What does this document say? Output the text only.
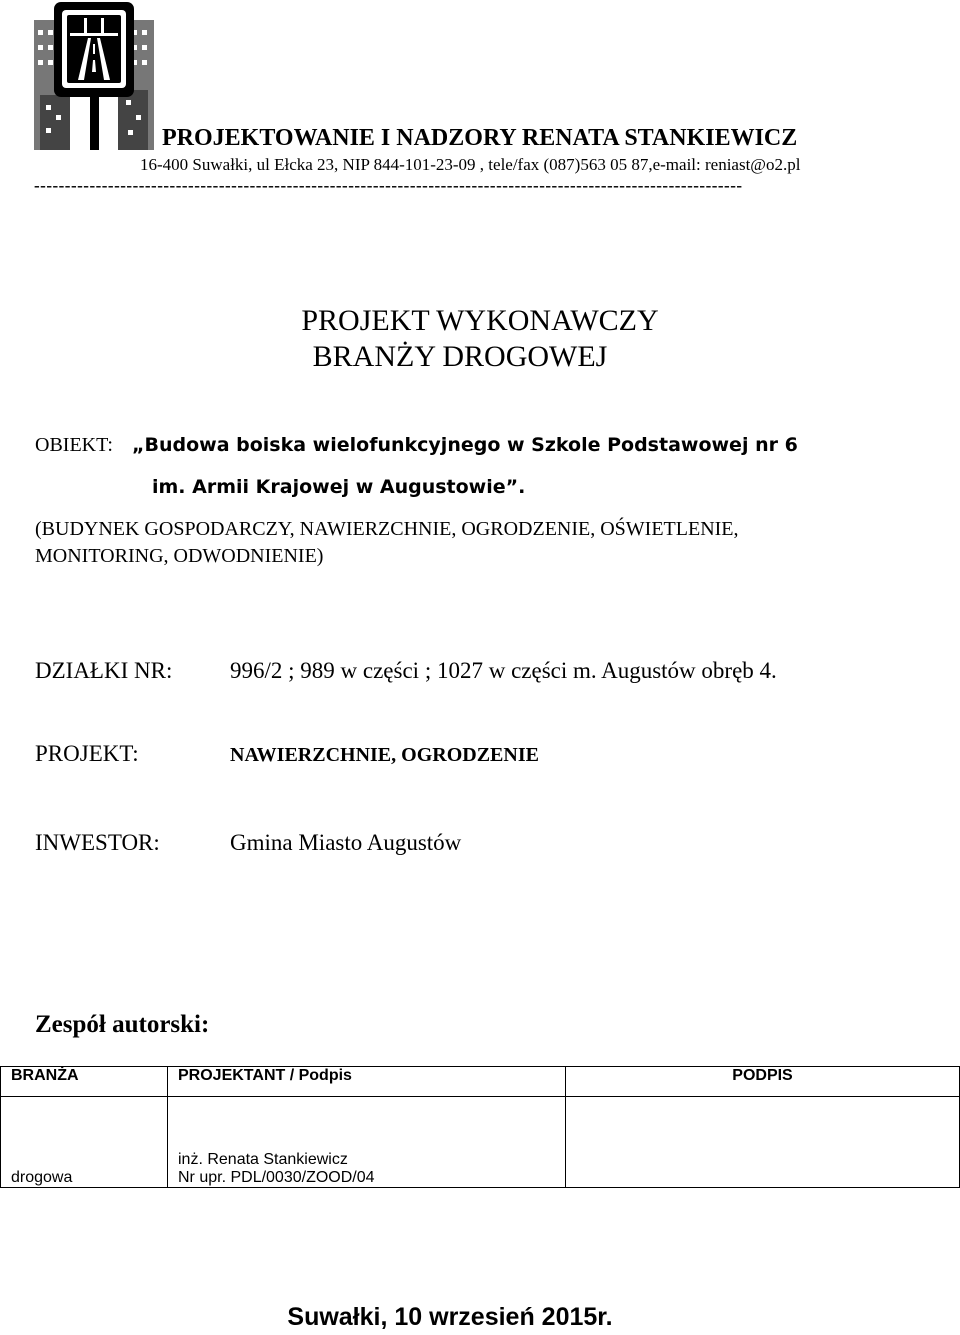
PROJEKTOWANIE I NADZORY RENATA STANKIEWICZ
16-400 Suwałki, ul Ełcka 23, NIP 844-101-23-09 , tele/fax (087)563 05 87,e-mail: reniast@o2.pl
-------------------------------------------------------------------------------------------------------------------
PROJEKT WYKONAWCZY
BRANŻY DROGOWEJ
OBIEKT: „Budowa boiska wielofunkcyjnego w Szkole Podstawowej nr 6
im. Armii Krajowej w Augustowie”.
(BUDYNEK GOSPODARCZY, NAWIERZCHNIE, OGRODZENIE, OŚWIETLENIE,
MONITORING, ODWODNIENIE)
DZIAŁKI NR:	996/2 ; 989 w części ; 1027 w części m. Augustów obręb 4.
PROJEKT:	NAWIERZCHNIE, OGRODZENIE
INWESTOR:	Gmina Miasto Augustów
Zespół autorski:
BRANŻA	PROJEKTANT / Podpis	PODPIS
drogowa	inż. Renata Stankiewicz
Nr upr. PDL/0030/ZOOD/04	

Suwałki, 10 wrzesień 2015r.
